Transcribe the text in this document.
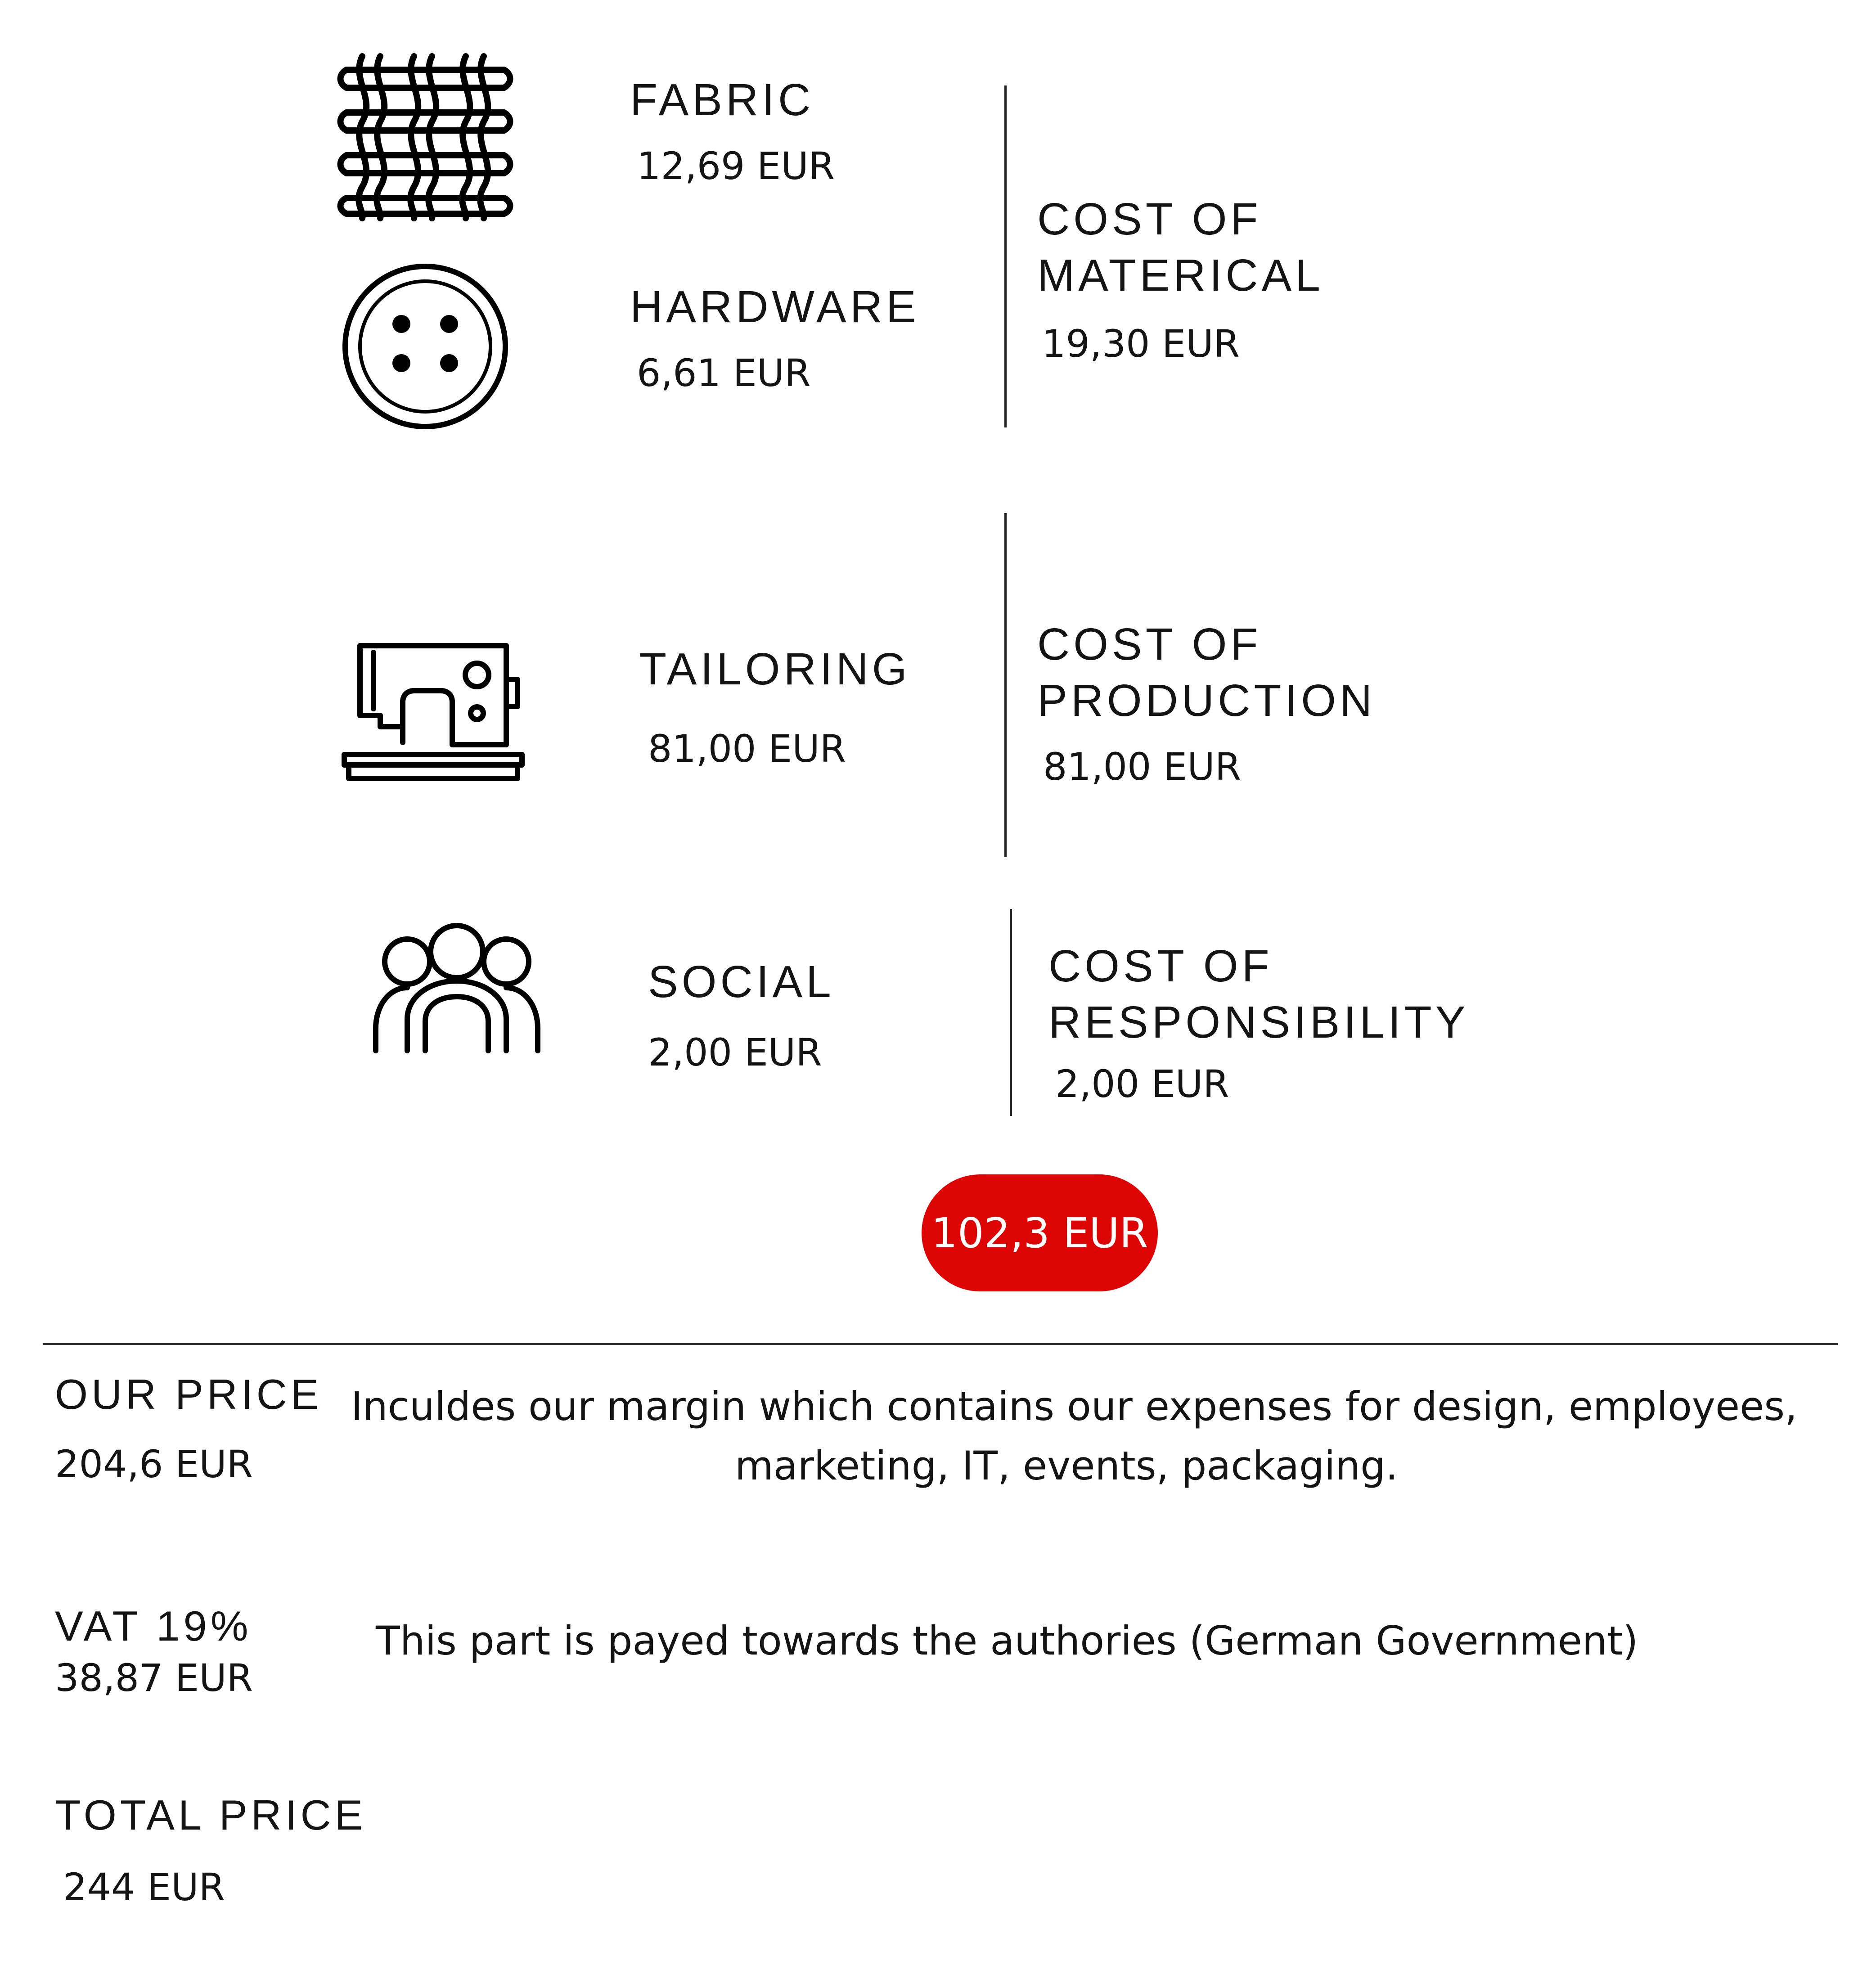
FABRIC
12,69 EUR
HARDWARE
6,61 EUR
COST OF
MATERICAL
19,30 EUR
TAILORING
81,00 EUR
COST OF
PRODUCTION
81,00 EUR
SOCIAL
2,00 EUR
COST OF
RESPONSIBILITY
2,00 EUR
102,3 EUR
OUR PRICE
204,6 EUR
Inculdes our margin which contains our expenses for design, employees,
marketing, IT, events, packaging.
VAT 19%
38,87 EUR
This part is payed towards the authories (German Government)
TOTAL PRICE
244 EUR
